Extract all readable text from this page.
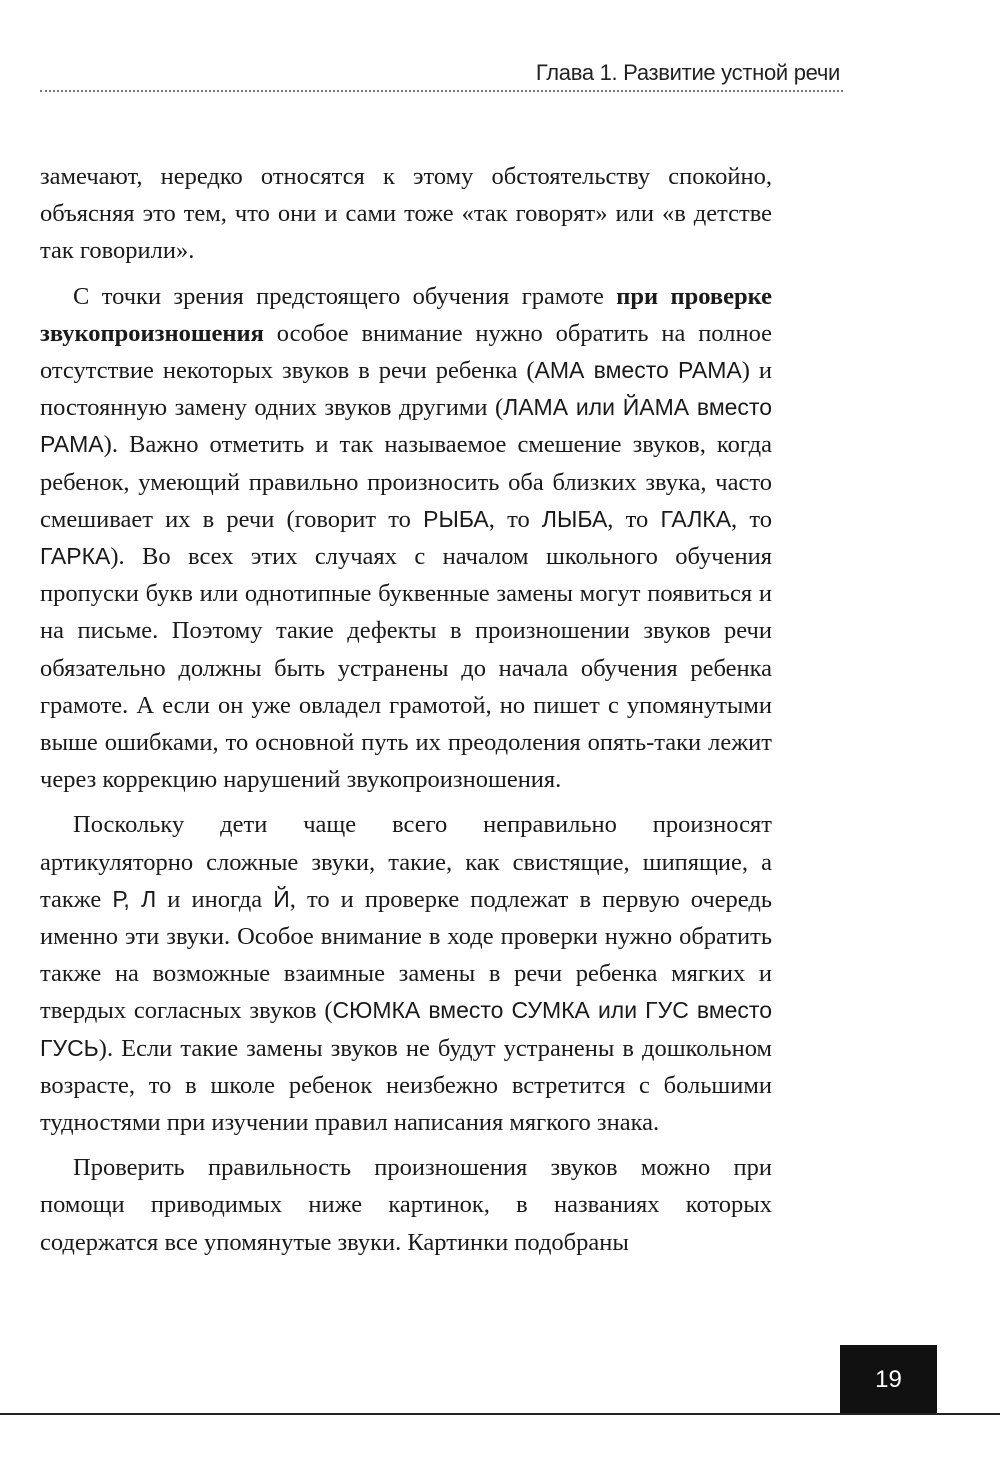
Глава 1. Развитие устной речи

замечают, нередко относятся к этому обстоятельству спокойно, объясняя это тем, что они и сами тоже «так говорят» или «в детстве так говорили».

С точки зрения предстоящего обучения грамоте при проверке звукопроизношения особое внимание нужно обратить на полное отсутствие некоторых звуков в речи ребенка (АМА вместо РАМА) и постоянную замену одних звуков другими (ЛАМА или ЙАМА вместо РАМА). Важно отметить и так называемое смешение звуков, когда ребенок, умеющий правильно произносить оба близких звука, часто смешивает их в речи (говорит то РЫБА, то ЛЫБА, то ГАЛКА, то ГАРКА). Во всех этих случаях с началом школьного обучения пропуски букв или однотипные буквенные замены могут появиться и на письме. Поэтому такие дефекты в произношении звуков речи обязательно должны быть устранены до начала обучения ребенка грамоте. А если он уже овладел грамотой, но пишет с упомянутыми выше ошибками, то основной путь их преодоления опять-таки лежит через коррекцию нарушений звукопроизношения.

Поскольку дети чаще всего неправильно произносят артикуляторно сложные звуки, такие, как свистящие, шипящие, а также Р, Л и иногда Й, то и проверке подлежат в первую очередь именно эти звуки. Особое внимание в ходе проверки нужно обратить также на возможные взаимные замены в речи ребенка мягких и твердых согласных звуков (СЮМКА вместо СУМКА или ГУС вместо ГУСЬ). Если такие замены звуков не будут устранены в дошкольном возрасте, то в школе ребенок неизбежно встретится с большими тудностями при изучении правил написания мягкого знака.

Проверить правильность произношения звуков можно при помощи приводимых ниже картинок, в названиях которых содержатся все упомянутые звуки. Картинки подобраны

19
